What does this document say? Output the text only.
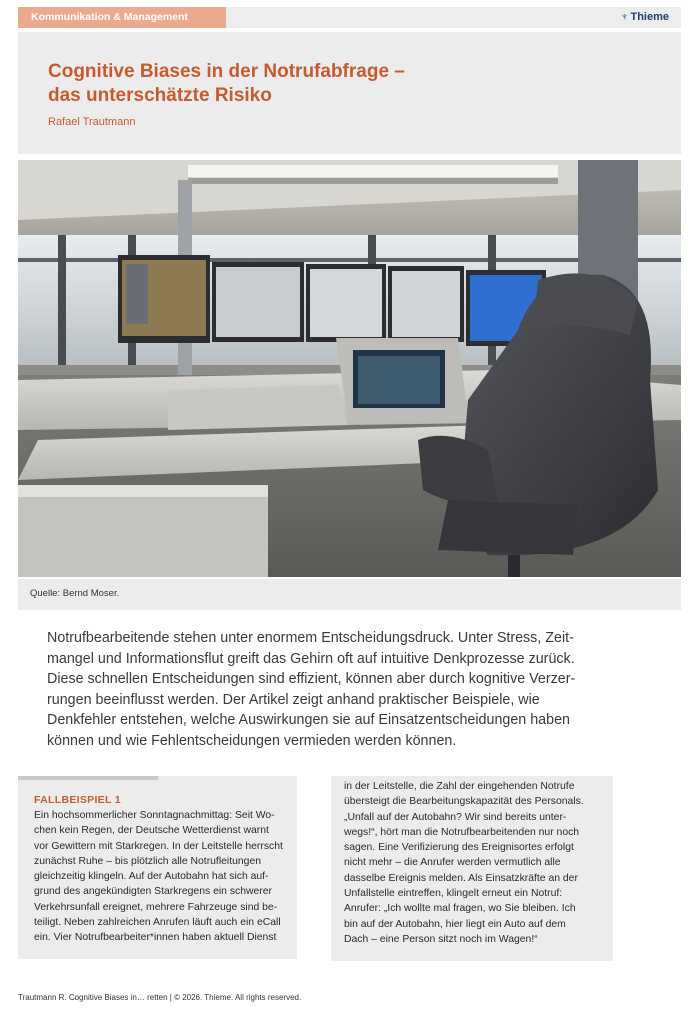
Kommunikation & Management	♆ Thieme
Cognitive Biases in der Notrufabfrage –
das unterschätzte Risiko
Rafael Trautmann
Quelle: Bernd Moser.
Notrufbearbeitende stehen unter enormem Entscheidungsdruck. Unter Stress, Zeit-
mangel und Informationsflut greift das Gehirn oft auf intuitive Denkprozesse zurück.
Diese schnellen Entscheidungen sind effizient, können aber durch kognitive Verzer-
rungen beeinflusst werden. Der Artikel zeigt anhand praktischer Beispiele, wie
Denkfehler entstehen, welche Auswirkungen sie auf Einsatzentscheidungen haben
können und wie Fehlentscheidungen vermieden werden können.
FALLBEISPIEL 1
Ein hochsommerlicher Sonntagnachmittag: Seit Wo-
chen kein Regen, der Deutsche Wetterdienst warnt
vor Gewittern mit Starkregen. In der Leitstelle herrscht
zunächst Ruhe – bis plötzlich alle Notrufleitungen
gleichzeitig klingeln. Auf der Autobahn hat sich auf-
grund des angekündigten Starkregens ein schwerer
Verkehrsunfall ereignet, mehrere Fahrzeuge sind be-
teiligt. Neben zahlreichen Anrufen läuft auch ein eCall
ein. Vier Notrufbearbeiter*innen haben aktuell Dienst
in der Leitstelle, die Zahl der eingehenden Notrufe
übersteigt die Bearbeitungskapazität des Personals.
„Unfall auf der Autobahn? Wir sind bereits unter-
wegs!“, hört man die Notrufbearbeitenden nur noch
sagen. Eine Verifizierung des Ereignisortes erfolgt
nicht mehr – die Anrufer werden vermutlich alle
dasselbe Ereignis melden. Als Einsatzkräfte an der
Unfallstelle eintreffen, klingelt erneut ein Notruf:
Anrufer: „Ich wollte mal fragen, wo Sie bleiben. Ich
bin auf der Autobahn, hier liegt ein Auto auf dem
Dach – eine Person sitzt noch im Wagen!“
Trautmann R. Cognitive Biases in… retten | © 2026. Thieme. All rights reserved.
